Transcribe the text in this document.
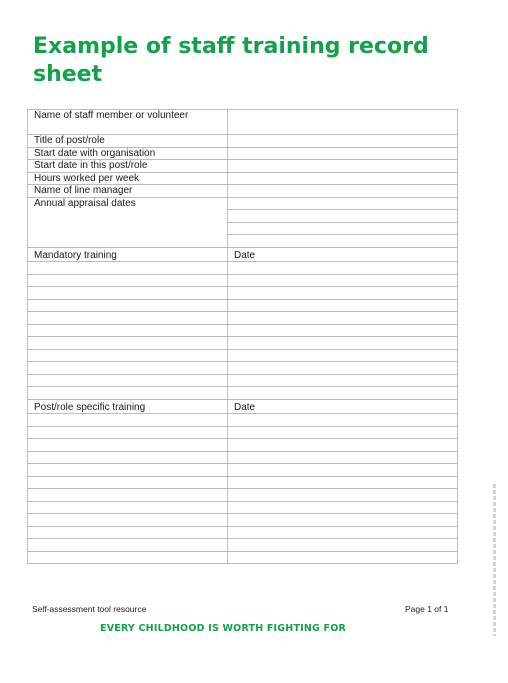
Example of staff training record sheet
Name of staff member or volunteer	
Title of post/role	
Start date with organisation	
Start date in this post/role	
Hours worked per week	
Name of line manager	
Annual appraisal dates	

Mandatory training	Date

Post/role specific training	Date

Self-assessment tool resource	Page 1 of 1
EVERY CHILDHOOD IS WORTH FIGHTING FOR
